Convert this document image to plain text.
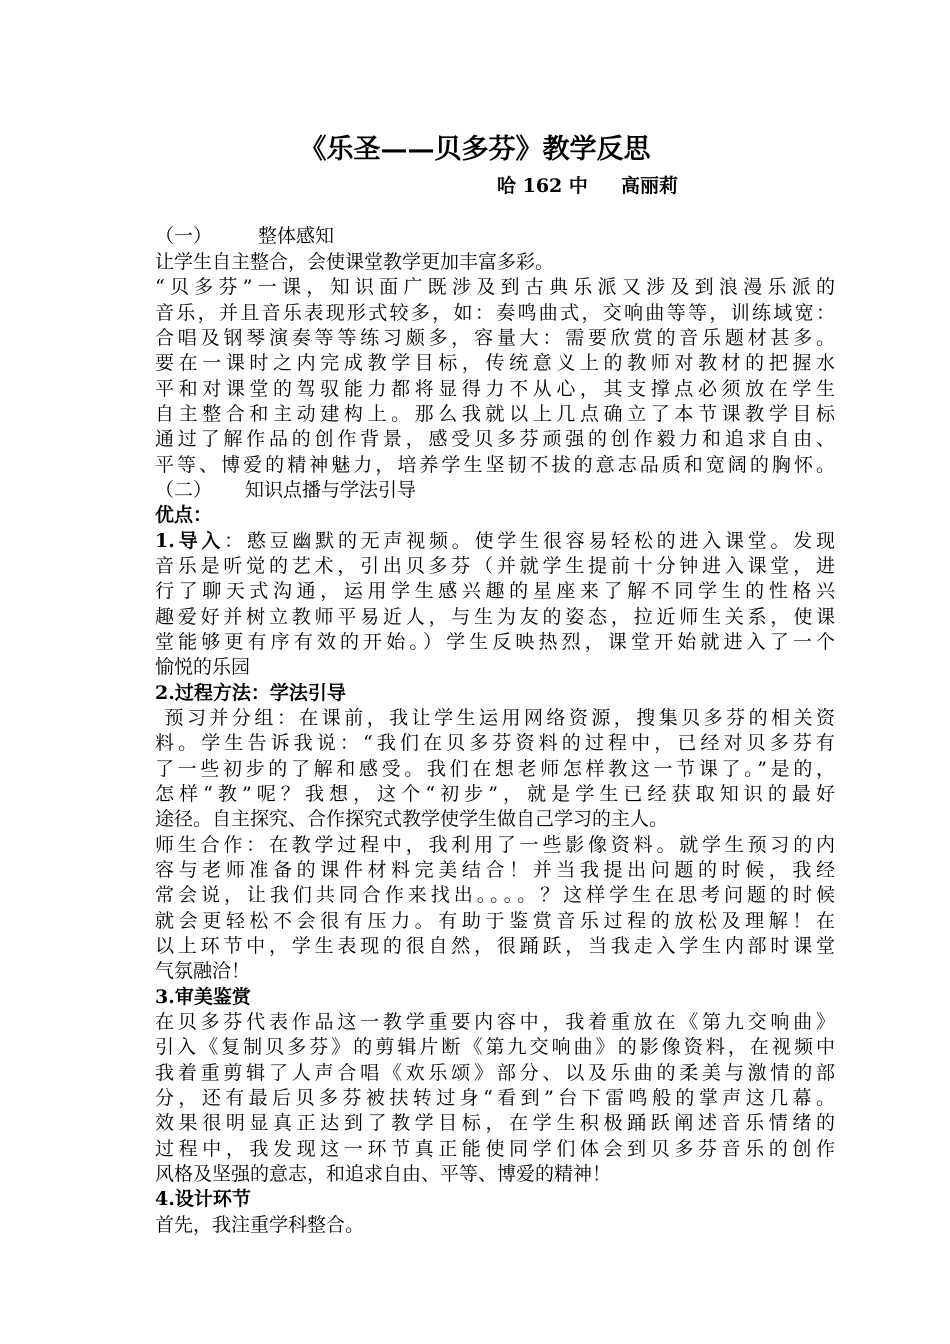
《乐圣——贝多芬》教学反思
哈 162 中     高丽莉
（一） 整体感知
让学生自主整合，会使课堂教学更加丰富多彩。
“贝多芬”一课，知识面广既涉及到古典乐派又涉及到浪漫乐派的
音乐，并且音乐表现形式较多，如：奏鸣曲式，交响曲等等，训练域宽：
合唱及钢琴演奏等等练习颇多，容量大：需要欣赏的音乐题材甚多。
要在一课时之内完成教学目标，传统意义上的教师对教材的把握水
平和对课堂的驾驭能力都将显得力不从心，其支撑点必须放在学生
自主整合和主动建构上。那么我就以上几点确立了本节课教学目标
通过了解作品的创作背景，感受贝多芬顽强的创作毅力和追求自由、
平等、博爱的精神魅力，培养学生坚韧不拔的意志品质和宽阔的胸怀。
（二） 知识点播与学法引导
优点：
1.导入：憨豆幽默的无声视频。使学生很容易轻松的进入课堂。发现
音乐是听觉的艺术，引出贝多芬（并就学生提前十分钟进入课堂，进
行了聊天式沟通，运用学生感兴趣的星座来了解不同学生的性格兴
趣爱好并树立教师平易近人，与生为友的姿态，拉近师生关系，使课
堂能够更有序有效的开始。）学生反映热烈，课堂开始就进入了一个
愉悦的乐园
2.过程方法：学法引导
预习并分组：在课前，我让学生运用网络资源，搜集贝多芬的相关资
料。学生告诉我说：“我们在贝多芬资料的过程中，已经对贝多芬有
了一些初步的了解和感受。我们在想老师怎样教这一节课了。”是的，
怎样“教”呢？我想，这个“初步”，就是学生已经获取知识的最好
途径。自主探究、合作探究式教学使学生做自己学习的主人。
师生合作：在教学过程中，我利用了一些影像资料。就学生预习的内
容与老师准备的课件材料完美结合！并当我提出问题的时候，我经
常会说，让我们共同合作来找出。。。。？这样学生在思考问题的时候
就会更轻松不会很有压力。有助于鉴赏音乐过程的放松及理解！在
以上环节中，学生表现的很自然，很踊跃，当我走入学生内部时课堂
气氛融洽！
3.审美鉴赏
在贝多芬代表作品这一教学重要内容中，我着重放在《第九交响曲》
引入《复制贝多芬》的剪辑片断《第九交响曲》的影像资料，在视频中
我着重剪辑了人声合唱《欢乐颂》部分、以及乐曲的柔美与激情的部
分，还有最后贝多芬被扶转过身“看到”台下雷鸣般的掌声这几幕。
效果很明显真正达到了教学目标，在学生积极踊跃阐述音乐情绪的
过程中，我发现这一环节真正能使同学们体会到贝多芬音乐的创作
风格及坚强的意志，和追求自由、平等、博爱的精神！
4.设计环节
首先，我注重学科整合。
